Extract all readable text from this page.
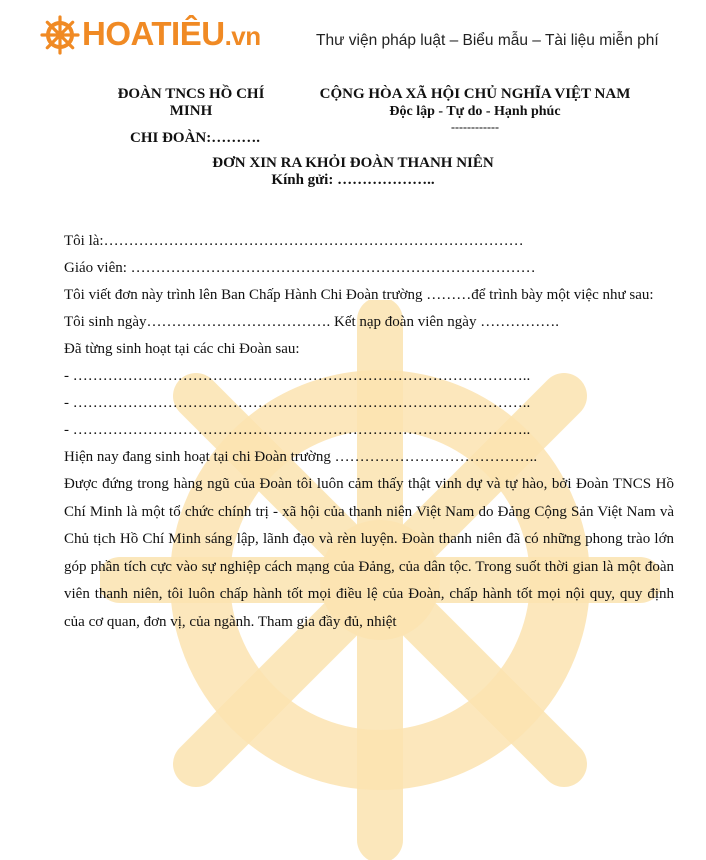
HOATIÊU.vn	Thư viện pháp luật – Biểu mẫu – Tài liệu miễn phí
ĐOÀN TNCS HỒ CHÍ MINH
CHI ĐOÀN:……….
CỘNG HÒA XÃ HỘI CHỦ NGHĨA VIỆT NAM
Độc lập - Tự do - Hạnh phúc
------------
ĐƠN XIN RA KHỎI ĐOÀN THANH NIÊN
Kính gửi: ………………..

Tôi là:…………………………………………………………………………

Giáo viên: ………………………………………………………………………

Tôi viết đơn này trình lên Ban Chấp Hành Chi Đoàn trường ………để trình bày một việc như sau:

Tôi sinh ngày………………………………. Kết nạp đoàn viên ngày …………….

Đã từng sinh hoạt tại các chi Đoàn sau:

- ………………………………………………………………………………..

- ………………………………………………………………………………..

- ………………………………………………………………………………..

Hiện nay đang sinh hoạt tại chi Đoàn trường …………………………………..

Được đứng trong hàng ngũ của Đoàn tôi luôn cảm thấy thật vinh dự và tự hào, bởi Đoàn TNCS Hồ Chí Minh là một tổ chức chính trị - xã hội của thanh niên Việt Nam do Đảng Cộng Sản Việt Nam và Chủ tịch Hồ Chí Minh sáng lập, lãnh đạo và rèn luyện. Đoàn thanh niên đã có những phong trào lớn góp phần tích cực vào sự nghiệp cách mạng của Đảng, của dân tộc. Trong suốt thời gian là một đoàn viên thanh niên, tôi luôn chấp hành tốt mọi điều lệ của Đoàn, chấp hành tốt mọi nội quy, quy định của cơ quan, đơn vị, của ngành. Tham gia đầy đủ, nhiệt
